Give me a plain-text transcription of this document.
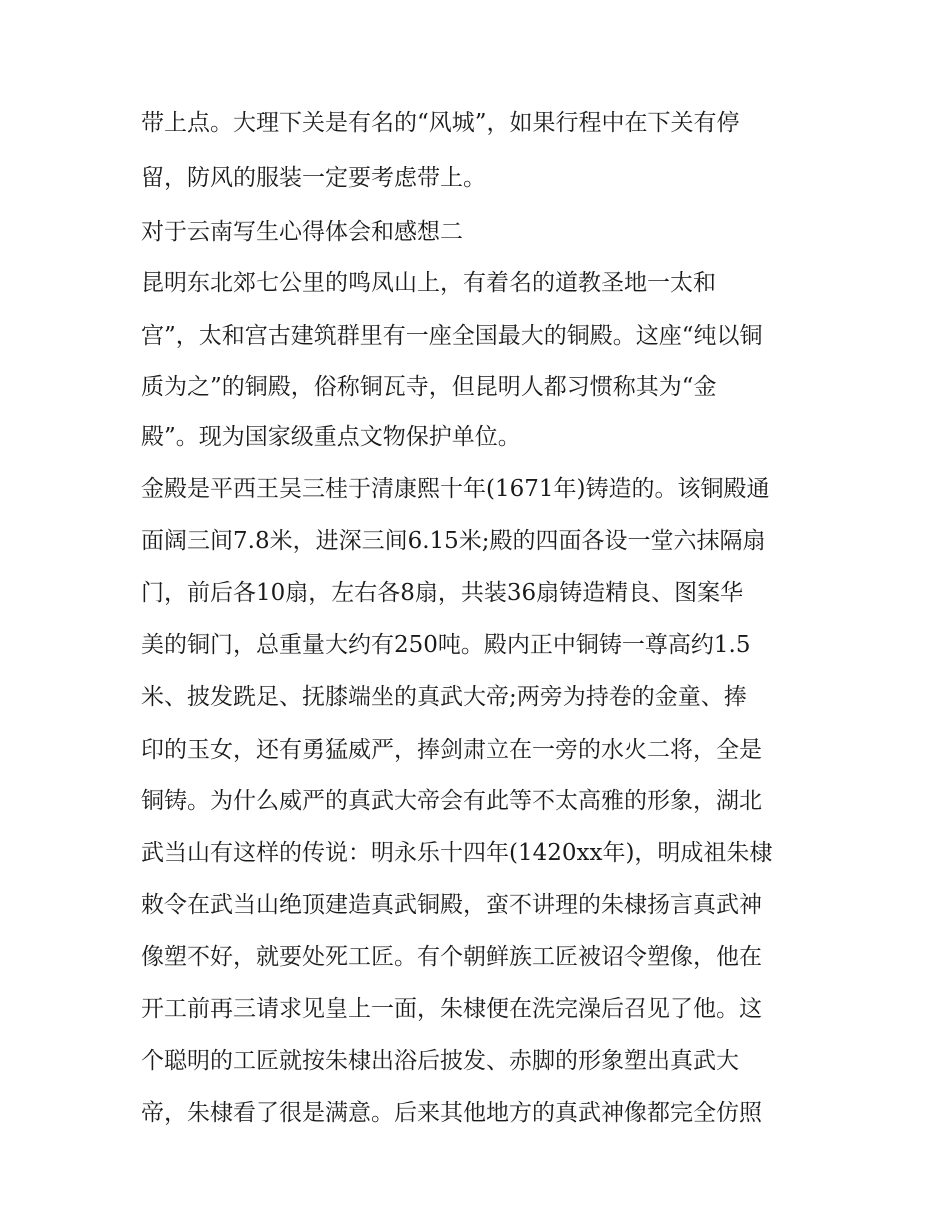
带上点。大理下关是有名的“风城”，如果行程中在下关有停
留，防风的服装一定要考虑带上。
对于云南写生心得体会和感想二
昆明东北郊七公里的鸣凤山上，有着名的道教圣地一太和
宫”，太和宫古建筑群里有一座全国最大的铜殿。这座“纯以铜
质为之”的铜殿，俗称铜瓦寺，但昆明人都习惯称其为“金
殿”。现为国家级重点文物保护单位。
金殿是平西王吴三桂于清康熙十年(1671年)铸造的。该铜殿通
面阔三间7.8米，进深三间6.15米;殿的四面各设一堂六抹隔扇
门，前后各10扇，左右各8扇，共装36扇铸造精良、图案华
美的铜门，总重量大约有250吨。殿内正中铜铸一尊高约1.5
米、披发跣足、抚膝端坐的真武大帝;两旁为持卷的金童、捧
印的玉女，还有勇猛威严，捧剑肃立在一旁的水火二将，全是
铜铸。为什么威严的真武大帝会有此等不太高雅的形象，湖北
武当山有这样的传说：明永乐十四年(1420xx年)，明成祖朱棣
敕令在武当山绝顶建造真武铜殿，蛮不讲理的朱棣扬言真武神
像塑不好，就要处死工匠。有个朝鲜族工匠被诏令塑像，他在
开工前再三请求见皇上一面，朱棣便在洗完澡后召见了他。这
个聪明的工匠就按朱棣出浴后披发、赤脚的形象塑出真武大
帝，朱棣看了很是满意。后来其他地方的真武神像都完全仿照
